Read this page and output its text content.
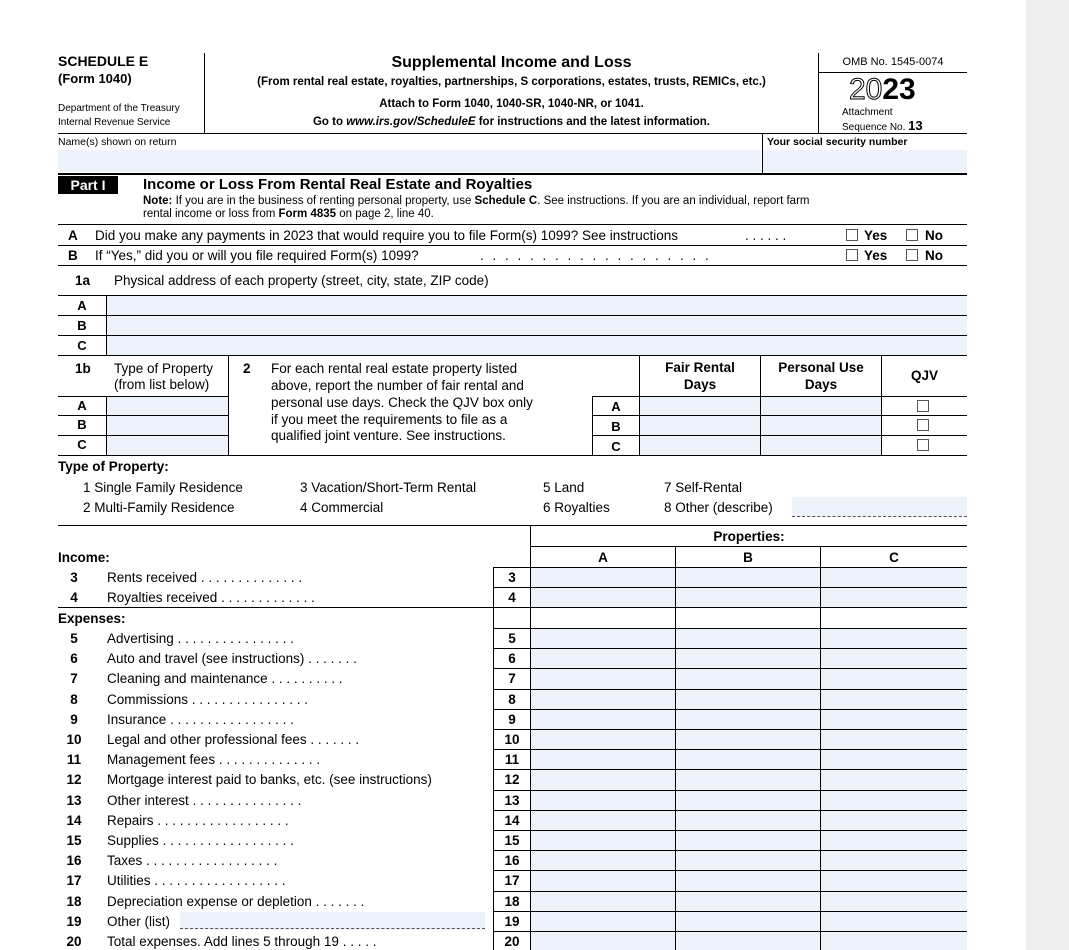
SCHEDULE E
(Form 1040)
Department of the Treasury
Internal Revenue Service
Supplemental Income and Loss
(From rental real estate, royalties, partnerships, S corporations, estates, trusts, REMICs, etc.)
Attach to Form 1040, 1040-SR, 1040-NR, or 1041.
Go to www.irs.gov/ScheduleE for instructions and the latest information.
OMB No. 1545-0074
2023
Attachment
Sequence No. 13
Name(s) shown on return	Your social security number
Part I	Income or Loss From Rental Real Estate and Royalties
Note: If you are in the business of renting personal property, use Schedule C. See instructions. If you are an individual, report farm
rental income or loss from Form 4835 on page 2, line 40.
A Did you make any payments in 2023 that would require you to file Form(s) 1099? See instructions	. . . . . .	Yes	No
B If “Yes,” did you or will you file required Form(s) 1099?	. . . . . . . . . . . . . . . . . . .	Yes	No
1a Physical address of each property (street, city, state, ZIP code)
A
B
C
1b Type of Property
(from list below)
A
B
C
2 For each rental real estate property listed
above, report the number of fair rental and
personal use days. Check the QJV box only
if you meet the requirements to file as a
qualified joint venture. See instructions.
Fair Rental
Days
Personal Use
Days
QJV
A
B
C
Type of Property:
1 Single Family Residence
2 Multi-Family Residence
3 Vacation/Short-Term Rental
4 Commercial
5 Land
6 Royalties
7 Self-Rental
8 Other (describe)
Properties:
A	B	C
Income:
3	Rents received . . . . . . . . . . . . . .	3
4	Royalties received . . . . . . . . . . . . .	4
Expenses:
5	Advertising . . . . . . . . . . . . . . . .	5
6	Auto and travel (see instructions) . . . . . . .	6
7	Cleaning and maintenance . . . . . . . . . .	7
8	Commissions . . . . . . . . . . . . . . . .	8
9	Insurance . . . . . . . . . . . . . . . . .	9
10	Legal and other professional fees . . . . . . .	10
11	Management fees . . . . . . . . . . . . . .	11
12	Mortgage interest paid to banks, etc. (see instructions)	12
13	Other interest . . . . . . . . . . . . . . .	13
14	Repairs . . . . . . . . . . . . . . . . . .	14
15	Supplies . . . . . . . . . . . . . . . . . .	15
16	Taxes . . . . . . . . . . . . . . . . . .	16
17	Utilities . . . . . . . . . . . . . . . . . .	17
18	Depreciation expense or depletion . . . . . . .	18
19	Other (list)	19
20	Total expenses. Add lines 5 through 19 . . . . .	20
